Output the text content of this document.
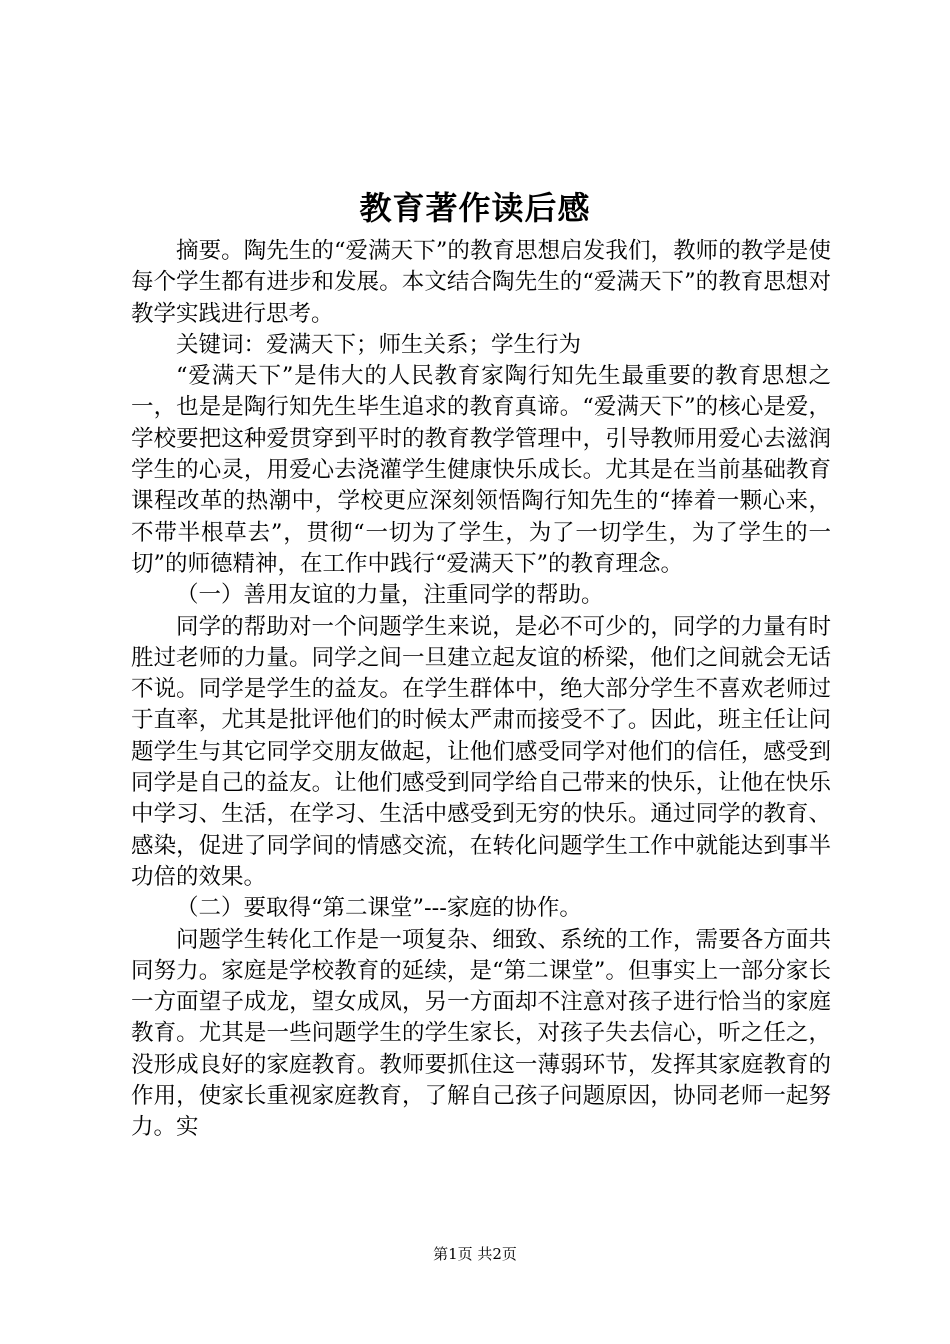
教育著作读后感

摘要。陶先生的“爱满天下”的教育思想启发我们，教师的教学是使每个学生都有进步和发展。本文结合陶先生的“爱满天下”的教育思想对教学实践进行思考。

关键词：爱满天下；师生关系；学生行为

“爱满天下”是伟大的人民教育家陶行知先生最重要的教育思想之一，也是是陶行知先生毕生追求的教育真谛。“爱满天下”的核心是爱，学校要把这种爱贯穿到平时的教育教学管理中，引导教师用爱心去滋润学生的心灵，用爱心去浇灌学生健康快乐成长。尤其是在当前基础教育课程改革的热潮中，学校更应深刻领悟陶行知先生的“捧着一颗心来，不带半根草去”，贯彻“一切为了学生，为了一切学生，为了学生的一切”的师德精神，在工作中践行“爱满天下”的教育理念。

（一）善用友谊的力量，注重同学的帮助。

同学的帮助对一个问题学生来说，是必不可少的，同学的力量有时胜过老师的力量。同学之间一旦建立起友谊的桥梁，他们之间就会无话不说。同学是学生的益友。在学生群体中，绝大部分学生不喜欢老师过于直率，尤其是批评他们的时候太严肃而接受不了。因此，班主任让问题学生与其它同学交朋友做起，让他们感受同学对他们的信任，感受到同学是自己的益友。让他们感受到同学给自己带来的快乐，让他在快乐中学习、生活，在学习、生活中感受到无穷的快乐。通过同学的教育、感染，促进了同学间的情感交流，在转化问题学生工作中就能达到事半功倍的效果。

（二）要取得“第二课堂”---家庭的协作。

问题学生转化工作是一项复杂、细致、系统的工作，需要各方面共同努力。家庭是学校教育的延续，是“第二课堂”。但事实上一部分家长一方面望子成龙，望女成凤，另一方面却不注意对孩子进行恰当的家庭教育。尤其是一些问题学生的学生家长，对孩子失去信心，听之任之，没形成良好的家庭教育。教师要抓住这一薄弱环节，发挥其家庭教育的作用，使家长重视家庭教育，了解自己孩子问题原因，协同老师一起努力。实

第1页 共2页
